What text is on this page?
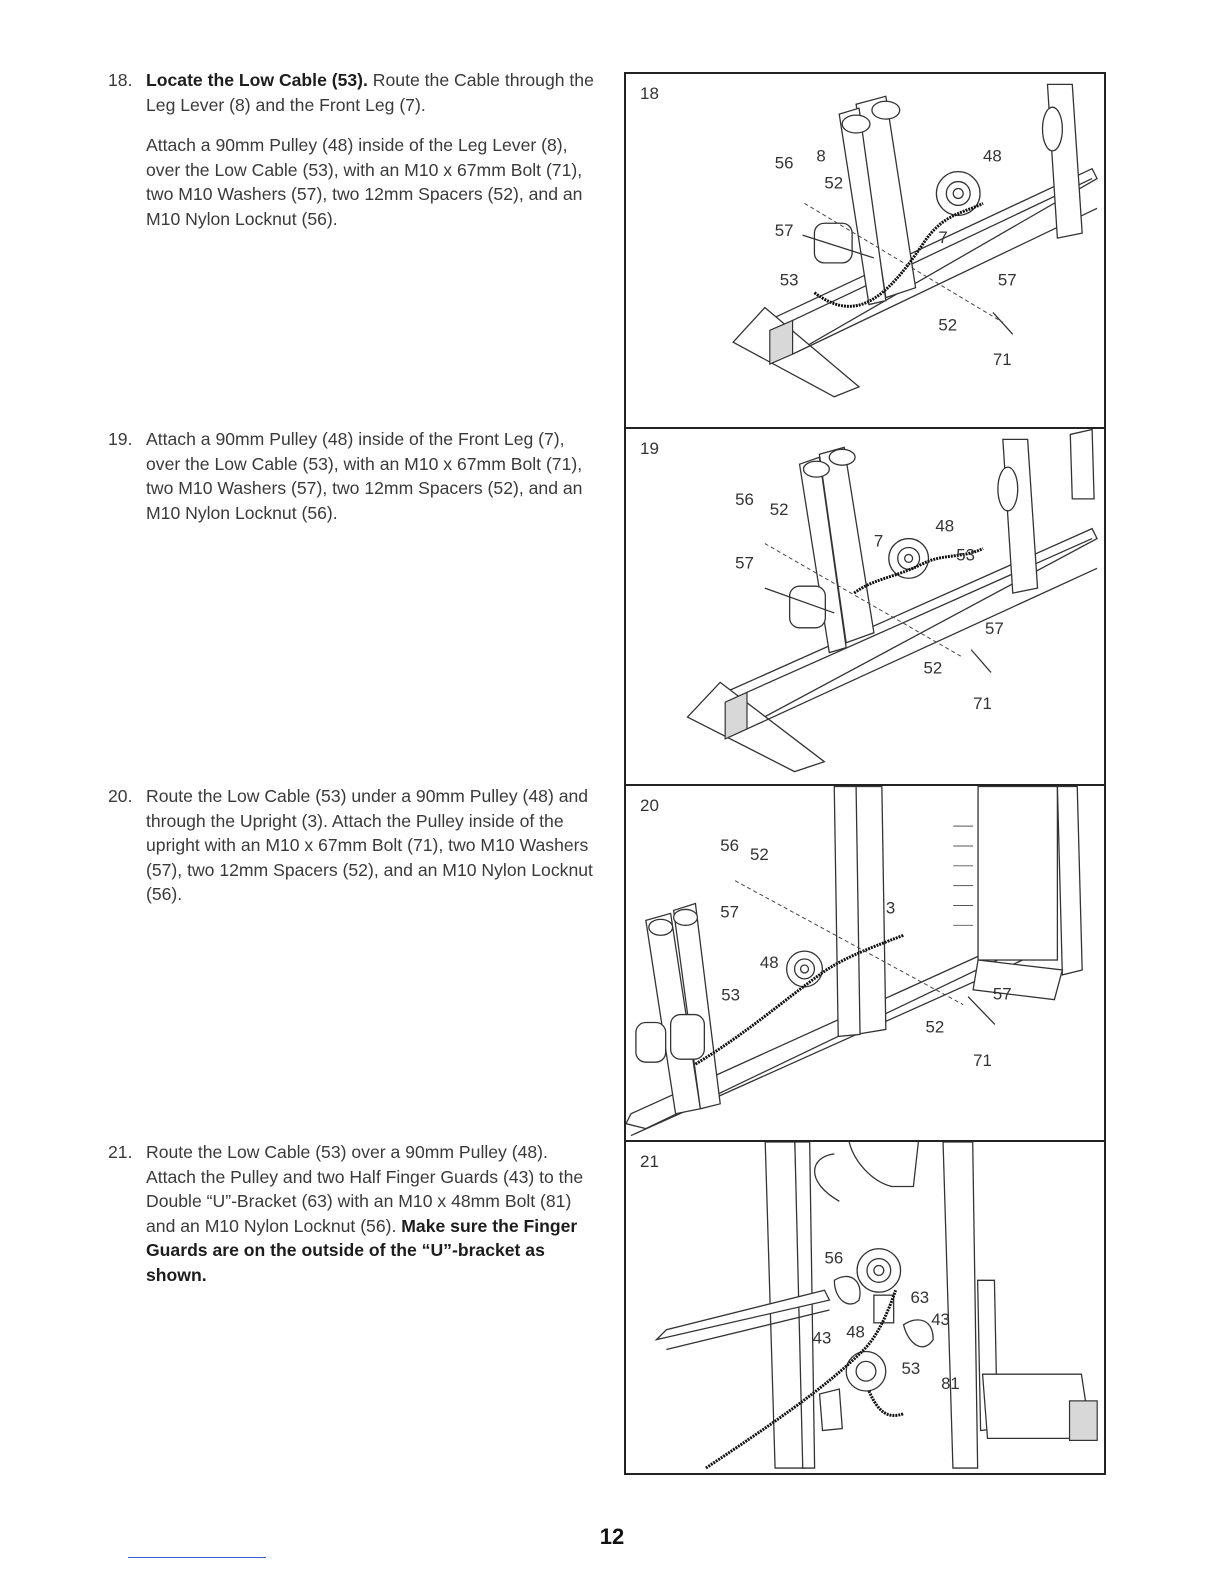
18. Locate the Low Cable (53). Route the Cable through the Leg Lever (8) and the Front Leg (7).

Attach a 90mm Pulley (48) inside of the Leg Lever (8), over the Low Cable (53), with an M10 x 67mm Bolt (71), two M10 Washers (57), two 12mm Spacers (52), and an M10 Nylon Locknut (56).

19. Attach a 90mm Pulley (48) inside of the Front Leg (7), over the Low Cable (53), with an M10 x 67mm Bolt (71), two M10 Washers (57), two 12mm Spacers (52), and an M10 Nylon Locknut (56).

20. Route the Low Cable (53) under a 90mm Pulley (48) and through the Upright (3). Attach the Pulley inside of the upright with an M10 x 67mm Bolt (71), two M10 Washers (57), two 12mm Spacers (52), and an M10 Nylon Locknut (56).

21. Route the Low Cable (53) over a 90mm Pulley (48). Attach the Pulley and two Half Finger Guards (43) to the Double “U”-Bracket (63) with an M10 x 48mm Bolt (81) and an M10 Nylon Locknut (56). Make sure the Finger Guards are on the outside of the “U”-bracket as shown.

18
56 8	48
52
57	7
53	57
52
71
19
56
52
48
7
53
57
57
52
71
20
56 52
57	3
48
53	57
52
71
21
56
63
43 48
43
53
81
12
